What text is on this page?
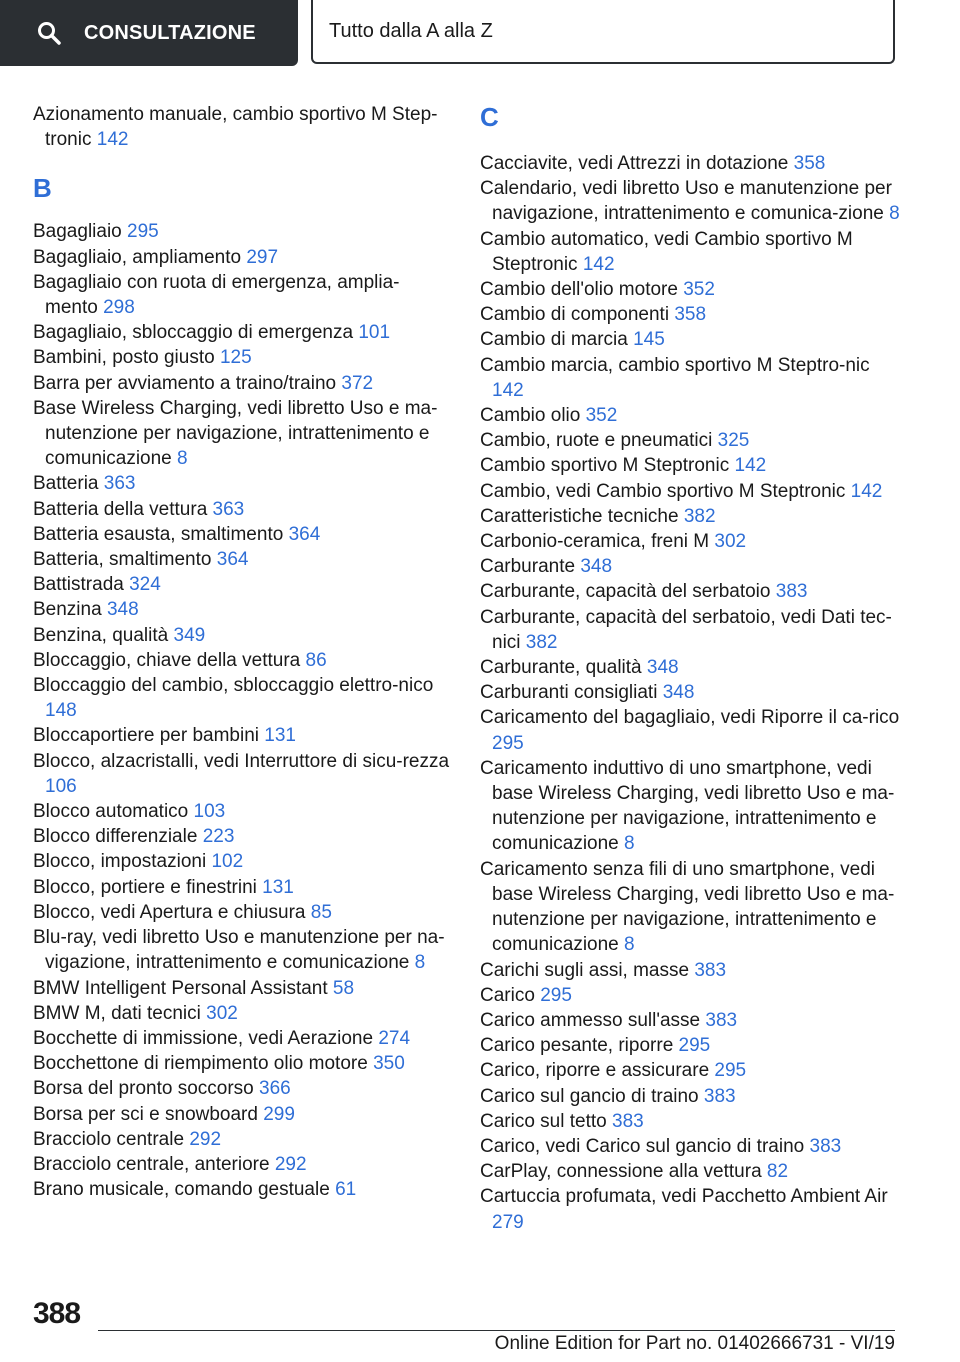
CONSULTAZIONE	Tutto dalla A alla Z
Azionamento manuale, cambio sportivo M Step‐tronic 142
B
Bagagliaio 295
Bagagliaio, ampliamento 297
Bagagliaio con ruota di emergenza, amplia‐mento 298
Bagagliaio, sbloccaggio di emergenza 101
Bambini, posto giusto 125
Barra per avviamento a traino/traino 372
Base Wireless Charging, vedi libretto Uso e ma‐nutenzione per navigazione, intrattenimento e comunicazione 8
Batteria 363
Batteria della vettura 363
Batteria esausta, smaltimento 364
Batteria, smaltimento 364
Battistrada 324
Benzina 348
Benzina, qualità 349
Bloccaggio, chiave della vettura 86
Bloccaggio del cambio, sbloccaggio elettro‐nico 148
Bloccaportiere per bambini 131
Blocco, alzacristalli, vedi Interruttore di sicu‐rezza 106
Blocco automatico 103
Blocco differenziale 223
Blocco, impostazioni 102
Blocco, portiere e finestrini 131
Blocco, vedi Apertura e chiusura 85
Blu-ray, vedi libretto Uso e manutenzione per na‐vigazione, intrattenimento e comunicazione 8
BMW Intelligent Personal Assistant 58
BMW M, dati tecnici 302
Bocchette di immissione, vedi Aerazione 274
Bocchettone di riempimento olio motore 350
Borsa del pronto soccorso 366
Borsa per sci e snowboard 299
Bracciolo centrale 292
Bracciolo centrale, anteriore 292
Brano musicale, comando gestuale 61
C
Cacciavite, vedi Attrezzi in dotazione 358
Calendario, vedi libretto Uso e manutenzione per navigazione, intrattenimento e comunica‐zione 8
Cambio automatico, vedi Cambio sportivo M Steptronic 142
Cambio dell'olio motore 352
Cambio di componenti 358
Cambio di marcia 145
Cambio marcia, cambio sportivo M Steptro‐nic 142
Cambio olio 352
Cambio, ruote e pneumatici 325
Cambio sportivo M Steptronic 142
Cambio, vedi Cambio sportivo M Steptronic 142
Caratteristiche tecniche 382
Carbonio-ceramica, freni M 302
Carburante 348
Carburante, capacità del serbatoio 383
Carburante, capacità del serbatoio, vedi Dati tec‐nici 382
Carburante, qualità 348
Carburanti consigliati 348
Caricamento del bagagliaio, vedi Riporre il ca‐rico 295
Caricamento induttivo di uno smartphone, vedi base Wireless Charging, vedi libretto Uso e ma‐nutenzione per navigazione, intrattenimento e comunicazione 8
Caricamento senza fili di uno smartphone, vedi base Wireless Charging, vedi libretto Uso e ma‐nutenzione per navigazione, intrattenimento e comunicazione 8
Carichi sugli assi, masse 383
Carico 295
Carico ammesso sull'asse 383
Carico pesante, riporre 295
Carico, riporre e assicurare 295
Carico sul gancio di traino 383
Carico sul tetto 383
Carico, vedi Carico sul gancio di traino 383
CarPlay, connessione alla vettura 82
Cartuccia profumata, vedi Pacchetto Ambient Air 279
388
Online Edition for Part no. 01402666731 - VI/19
